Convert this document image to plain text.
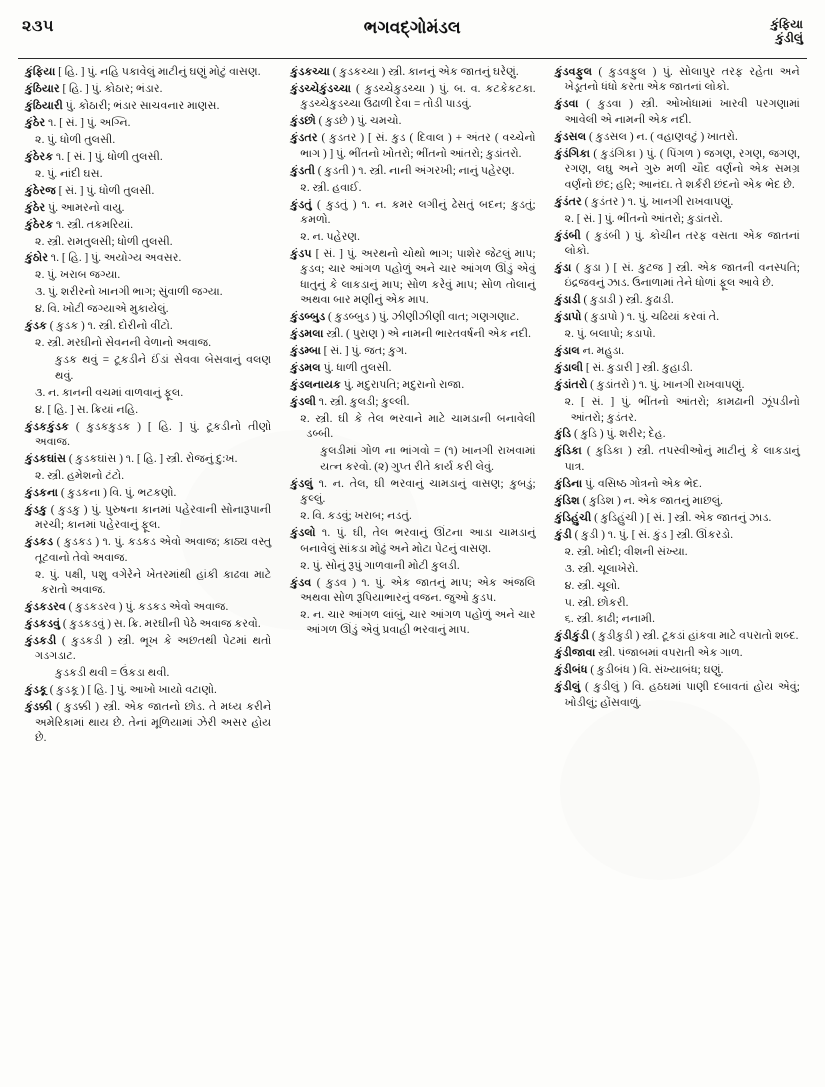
૨૩૫	ભગવદ્ગોમંડલ	કુંફિયા
કુંડીલું

કુંફિયા [ હિ. ] પું. નહિ પકાવેલું માટીનું ઘણું મોટું વાસણ.

કુંઠિયાર [ હિ. ] પું. કોઠાર; ભંડાર.

કુંઠિયારી પું. કોઠારી; ભંડાર સાચવનાર માણસ.

કુંઠેર ૧. [ સં. ] પું. અગ્નિ.

૨. પું. ધોળી તુલસી.

કુંઠેરક ૧. [ સં. ] પું. ધોળી તુલસી.

૨. પું. નાંદી ઘસ.

કુંઠેરજ [ સં. ] પું. ધોળી તુલસી.

કુંઠેર પું. આમરનો વાયુ.

કુંઠેરક ૧. સ્ત્રી. તકમરિયાં.

૨. સ્ત્રી. રામતુલસી; ધોળી તુલસી.

કુંઠોર ૧. [ હિ. ] પું. અયોગ્ય અવસર.

૨. પું. ખરાબ જગ્યા.

૩. પું. શરીરનો ખાનગી ભાગ; સુંવાળી જગ્યા.

૪. વિ. ખોટી જગ્યાએ મુકાયેલું.

કુંડક ( કુડક ) ૧. સ્ત્રી. દોરીનો વીંટો.

૨. સ્ત્રી. મરઘીનો સેવનની વેળાનો અવાજ.

કુડક થવું = ટૂકડીને ઈંડાં સેવવા બેસવાનું વલણ થવું.

૩. ન. કાનની વચમાં વાળવાનું ફૂલ.

૪. [ હિ. ] સ. ક્રિયાં નહિ.

કુંડકકુંડક ( કુડકકુડક ) [ હિ. ] પું. ટૂકડીનો તીણો અવાજ.

કુંડકઘાંસ ( કુડકઘાંસ ) ૧. [ હિ. ] સ્ત્રી. રોજનું દુ:ખ.

૨. સ્ત્રી. હમેશનો ટંટો.

કુંડકના ( કુડકના ) વિ. પું. ભટકણો.

કુંડકુ ( કુડકુ ) પું. પુરુષના કાનમાં પહેરવાની સોનારૂપાની મરચી; કાનમાં પહેરવાનું ફૂલ.

કુંડકડ ( કુડકડ ) ૧. પું. કડકડ એવો અવાજ; કાઠ્ય વસ્તુ તૂટવાનો તેવો અવાજ.

૨. પું. પક્ષી, પશુ વગેરેને ખેતરમાંથી હાંકી કાઢવા માટે કરાતો અવાજ.

કુંડકડરવ ( કુડકડરવ ) પું. કડકડ એવો અવાજ.

કુંડકડવું ( કુડકડવું ) સ. ક્રિ. મરઘીની પેઠે અવાજ કરવો.

કુંડકડી ( કુડકડી ) સ્ત્રી. ભૂખ કે અછતથી પેટમાં થતો ગડગડાટ.

કુડકડી થવી = ઉંકડા થવી.

કુંડકૂ ( કુડકૂ ) [ હિ. ] પું. આખો ખાયો વટાણો.

કુંડક્કી ( કુડક્કી ) સ્ત્રી. એક જાતનો છોડ. તે મધ્ય કરીને અમેરિકામાં થાય છે. તેનાં મૂળિયામાં ઝેરી અસર હોય છે.

કુંડકચ્ચા ( કુડકચ્ચા ) સ્ત્રી. કાનનું એક જાતનું ઘરેણું.

કુંડચ્ચેકુંડચ્ચા ( કુડચ્ચેકુડચ્ચા ) પું. બ. વ. કટકેકટકા. કુડચ્ચેકુડચ્ચા ઉઢાળી દેવા = તોડી પાડવું.

કુંડછો ( કુડછે ) પું. ચમચો.

કુંડતર ( કુડતર ) [ સં. કુડ ( દિવાલ ) + અંતર ( વચ્ચેનો ભાગ ) ] પું. ભીંતનો ખોતરો; ભીંતનો આંતરો; કુડાંતરો.

કુંડતી ( કુડતી ) ૧. સ્ત્રી. નાની અંગરખી; નાનું પહેરણ.

૨. સ્ત્રી. હવાઈ.

કુંડતું ( કુડતું ) ૧. ન. કમર લગીનું ઢેસતું બદન; કુડતું; કમળો.

૨. ન. પહેરણ.

કુંડપ [ સં. ] પું. અરથનો ચોથો ભાગ; પાશેર જેટલું માપ; કુડવ; ચાર આંગળ પહોળું અને ચાર આંગળ ઊંડું એવું ધાતુનું કે લાકડાનું માપ; સોળ કરેવું માપ; સોળ તોલાનું અથવા બાર મણીનું એક માપ.

કુંડબ્બુડ ( કુડબ્બુડ ) પું. ઝીણીઝીણી વાત; ગણગણાટ.

કુંડમલા સ્ત્રી. ( પુરાણ ) એ નામની ભારતવર્ષની એક નદી.

કુંડમ્બા [ સં. ] પું. જત; કુગ.

કુંડમલ પું. ધાળી તુલસી.

કુંડલનાયક પું. મદુરાપતિ; મદુરાનો રાજા.

કુંડલી ૧. સ્ત્રી. કુલડી; કુલ્લી.

૨. સ્ત્રી. ઘી કે તેલ ભરવાને માટે ચામડાની બનાવેલી ડબ્બી.

કુલડીમાં ગોળ ના ભાંગવો = (૧) ખાનગી રાખવામાં યત્ન કરવો. (૨) ગુપ્ત રીતે કાર્ય કરી લેવું.

કુંડલું ૧. ન. તેલ, ઘી ભરવાનું ચામડાનું વાસણ; કુબડું; કુલ્લું.

૨. વિ. કડવું; ખરાબ; નડતું.

કુંડલો ૧. પું. ઘી, તેલ ભરવાનું ઊંટના આડા ચામડાનું બનાવેલું સાંકડા મોઢું અને મોટા પેટનું વાસણ.

૨. પું. સોનું રૂપું ગાળવાની મોટી કુલડી.

કુંડવ ( કુડવ ) ૧. પું. એક જાતનું માપ; એક અંજલિ અથવા સોળ રૂપિયાભારનું વજન. જુઓ કુડપ.

૨. ન. ચાર આંગળ લાંબું, ચાર આંગળ પહોળું અને ચાર આંગળ ઊંડું એવું પ્રવાહી ભરવાનું માપ.

કુંડવફુલ ( કુડવફુલ ) પું. સોલાપુર તરફ રહેતા અને ખેડૂતનો ધંધો કરતા એક જાતનાં લોકો.

કુંડવા ( કુડવા ) સ્ત્રી. ઓખોધામાં ખારવી પરગણામાં આવેલી એ નામની એક નદી.

કુંડસલ ( કુડસલ ) ન. ( વહાણવટું ) ખાતરો.

કુંડંગિકા ( કુડંગિકા ) પું. ( પિંગળ ) જગણ, રગણ, જગણ, રગણ, લઘુ અને ગુરુ મળી ચૌદ વર્ણનો એક સમગ્ર વર્ણનો છંદ; હરિ; આનંદા. તે શર્કરી છંદનો એક ભેદ છે.

કુંડંતર ( કુડંતર ) ૧. પું. ખાનગી રાખવાપણું.

૨. [ સં. ] પું. ભીંતનો આંતરો; કુડાંતરો.

કુંડંબી ( કુડંબી ) પું. કોચીન તરફ વસતા એક જાતનાં લોકો.

કુંડા ( કુડા ) [ સં. કુટજ ] સ્ત્રી. એક જાતની વનસ્પતિ; ઇંદ્રજવનું ઝાડ. ઉનાળામાં તેને ધોળાં ફૂલ આવે છે.

કુંડાડી ( કુડાડી ) સ્ત્રી. કુઢાડી.

કુંડાપો ( કુડાપો ) ૧. પું. ચઢિયાં કરવાં તે.

૨. પું. બલાપો; કડાપો.

કુંડાલ ન. મહુડા.

કુંડાલી [ સં. કુડારી ] સ્ત્રી. કુહાડી.

કુંડાંતરો ( કુડાંતરો ) ૧. પું. ખાનગી રાખવાપણું.

૨. [ સં. ] પું. ભીંતનો આંતરો; કામઢાની ઝૂંપડીનો આંતરો; કુડંતર.

કુંડિ ( કુડિ ) પું. શરીર; દેહ.

કુંડિકા ( કુડિકા ) સ્ત્રી. તપસ્વીઓનું માટીનું કે લાકડાનું પાત્ર.

કુંડિના પું. વસિષ્ઠ ગોત્રનો એક ભેદ.

કુંડિશ ( કુડિશ ) ન. એક જાતનું માછલું.

કુંડિહુંચી ( કુડિહુંચી ) [ સં. ] સ્ત્રી. એક જાતનું ઝાડ.

કુંડી ( કુડી ) ૧. પું. [ સં. કુંડ ] સ્ત્રી. ઊંકરડો.

૨. સ્ત્રી. ખોદી; વીશની સંખ્યા.

૩. સ્ત્રી. ચૂલાખેરો.

૪. સ્ત્રી. ચૂલો.

૫. સ્ત્રી. છોકરી.

૬. સ્ત્રી. કાઢી; નનામી.

કુંડીકુંડી ( કુડીકુડી ) સ્ત્રી. ટૂકડાં હાંકવા માટે વપરાતો શબ્દ.

કુંડીજાવા સ્ત્રી. પંજાબમાં વપરાતી એક ગાળ.

કુંડીબંધ ( કુડીબંધ ) વિ. સંખ્યાબંધ; ઘણું.

કુંડીલું ( કુડીલું ) વિ. હઠઘમાં પાણી દબાવતાં હોય એવું; ખોડીલું; હોંસવાળું.
